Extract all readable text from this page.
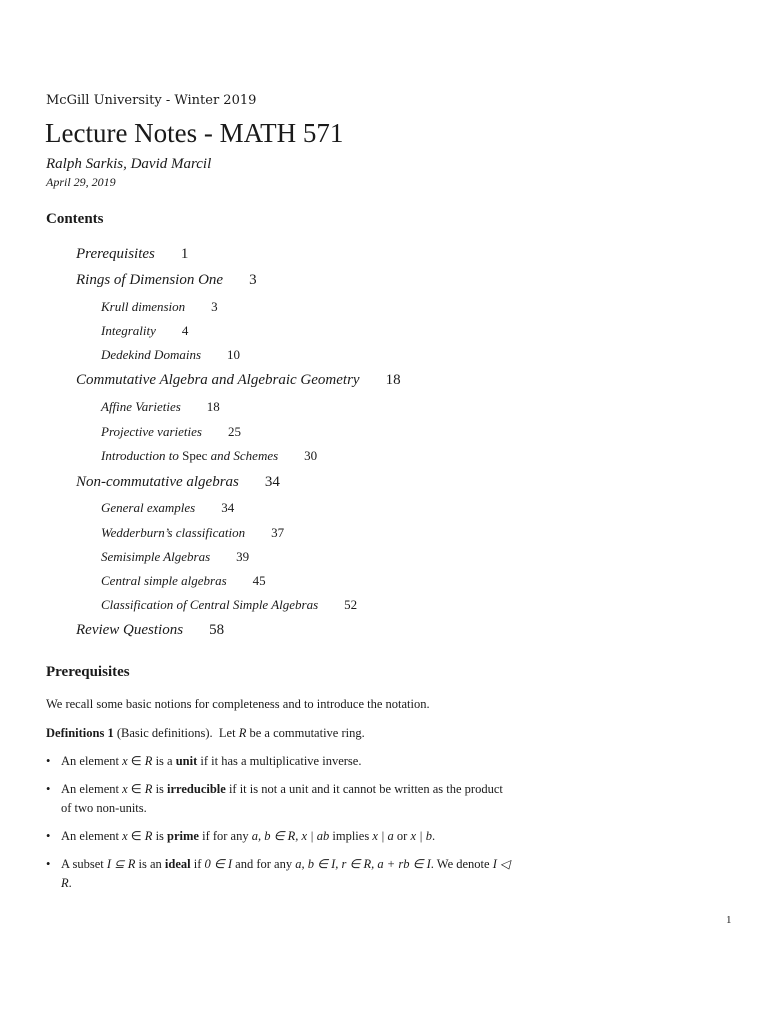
McGill University - Winter 2019
Lecture Notes - MATH 571
Ralph Sarkis, David Marcil
April 29, 2019
Contents
Prerequisites 1
Rings of Dimension One 3
Krull dimension 3
Integrality 4
Dedekind Domains 10
Commutative Algebra and Algebraic Geometry 18
Affine Varieties 18
Projective varieties 25
Introduction to Spec and Schemes 30
Non-commutative algebras 34
General examples 34
Wedderburn’s classification 37
Semisimple Algebras 39
Central simple algebras 45
Classification of Central Simple Algebras 52
Review Questions 58
Prerequisites
We recall some basic notions for completeness and to introduce the notation.
Definitions 1 (Basic definitions). Let R be a commutative ring.
• An element x ∈ R is a unit if it has a multiplicative inverse.
• An element x ∈ R is irreducible if it is not a unit and it cannot be written as the product of two non-units.
• An element x ∈ R is prime if for any a, b ∈ R, x | ab implies x | a or x | b.
• A subset I ⊆ R is an ideal if 0 ∈ I and for any a, b ∈ I, r ∈ R, a + rb ∈ I. We denote I ◁ R.
1
